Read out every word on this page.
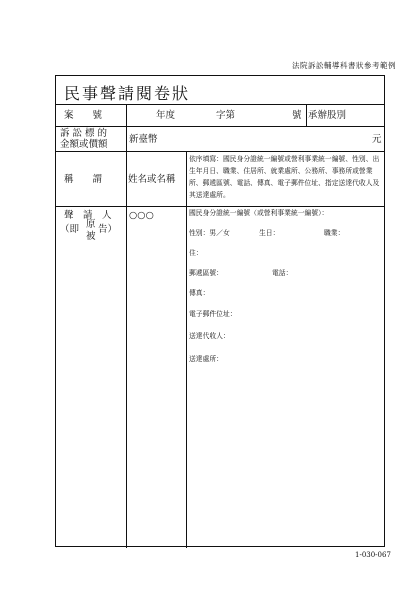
法院訴訟輔導科書狀參考範例
民事聲請閱卷狀
案　　號	年度	字第	號 承辦股別
訴 訟 標 的
金額或價額 新臺幣	元
稱　　謂	姓名或名稱
依序填寫：國民身分證統一編號或營利事業統一編號、性別、出生年月日、職業、住居所、就業處所、公務所、事務所或營業所、郵遞區號、電話、傳真、電子郵件位址、指定送達代收人及其送達處所。
聲　請　人
（即 原
被
告）
○○○	國民身分證統一編號（或營利事業統一編號）：
性別：男／女	生日：	職業：
住：
郵遞區號：	電話：
傳真：
電子郵件位址：
送達代收人：
送達處所：
1-030-067
